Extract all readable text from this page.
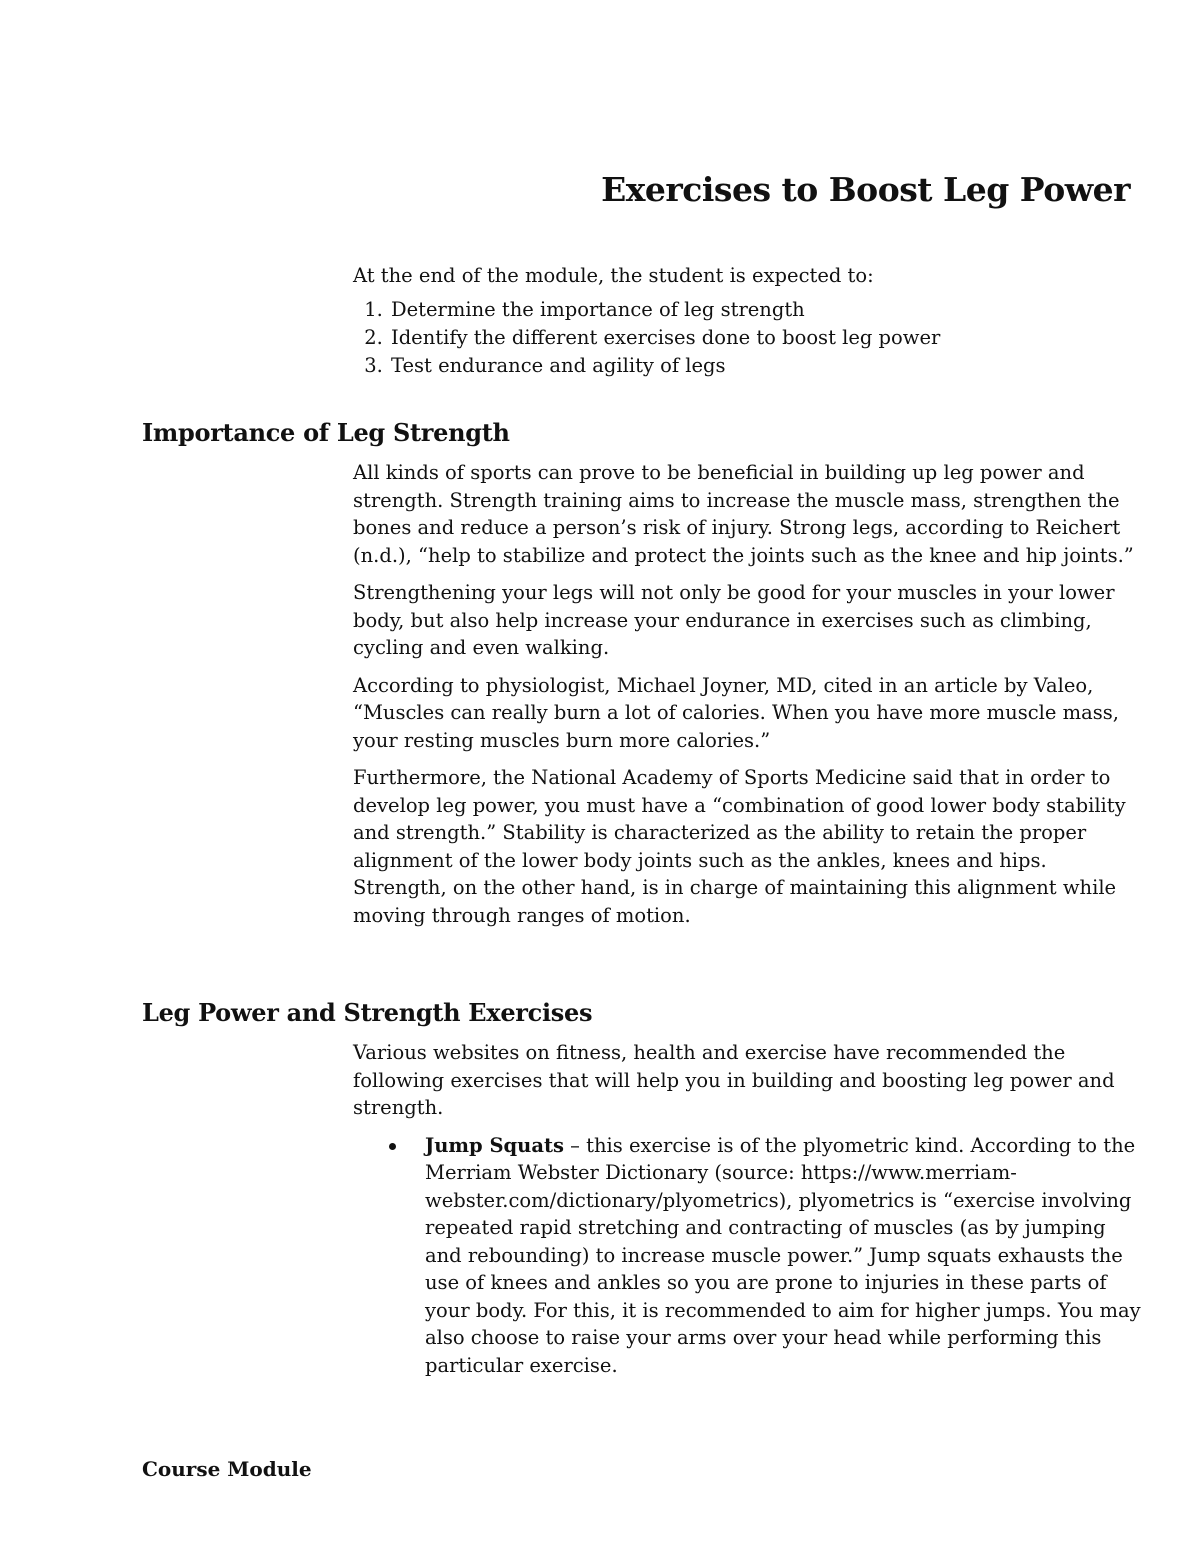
Exercises to Boost Leg Power

At the end of the module, the student is expected to:

1. Determine the importance of leg strength
2. Identify the different exercises done to boost leg power
3. Test endurance and agility of legs
Importance of Leg Strength

All kinds of sports can prove to be beneficial in building up leg power and strength. Strength training aims to increase the muscle mass, strengthen the bones and reduce a person’s risk of injury. Strong legs, according to Reichert (n.d.), “help to stabilize and protect the joints such as the knee and hip joints.”

Strengthening your legs will not only be good for your muscles in your lower body, but also help increase your endurance in exercises such as climbing, cycling and even walking.

According to physiologist, Michael Joyner, MD, cited in an article by Valeo, “Muscles can really burn a lot of calories. When you have more muscle mass, your resting muscles burn more calories.”

Furthermore, the National Academy of Sports Medicine said that in order to develop leg power, you must have a “combination of good lower body stability and strength.” Stability is characterized as the ability to retain the proper alignment of the lower body joints such as the ankles, knees and hips. Strength, on the other hand, is in charge of maintaining this alignment while moving through ranges of motion.

Leg Power and Strength Exercises

Various websites on fitness, health and exercise have recommended the following exercises that will help you in building and boosting leg power and strength.

Jump Squats – this exercise is of the plyometric kind. According to the Merriam Webster Dictionary (source: https://www.merriam-webster.com/dictionary/plyometrics), plyometrics is “exercise involving repeated rapid stretching and contracting of muscles (as by jumping and rebounding) to increase muscle power.” Jump squats exhausts the use of knees and ankles so you are prone to injuries in these parts of your body. For this, it is recommended to aim for higher jumps. You may also choose to raise your arms over your head while performing this particular exercise.

Course Module
